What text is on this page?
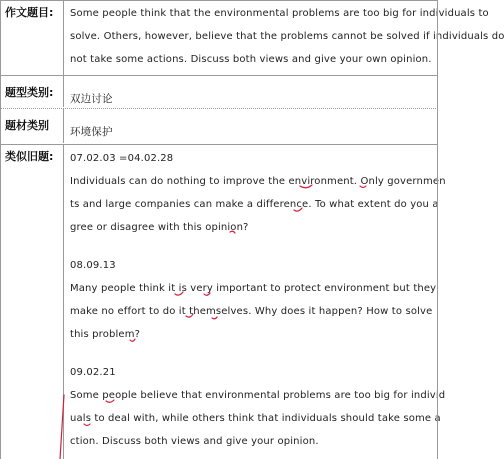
作文题目:	Some people think that the environmental problems are too big for individuals to
solve. Others, however, believe that the problems cannot be solved if individuals do
not take some actions. Discuss both views and give your own opinion.
题型类别:	双边讨论
题材类别	环境保护
类似旧题:	07.02.03 =04.02.28
Individuals can do nothing to improve the environment. Only governmen
ts and large companies can make a difference. To what extent do you a
gree or disagree with this opinion?
08.09.13
Many people think it is very important to protect environment but they
make no effort to do it themselves. Why does it happen? How to solve
this problem?
09.02.21
Some people believe that environmental problems are too big for individ
uals to deal with, while others think that individuals should take some a
ction. Discuss both views and give your opinion.
